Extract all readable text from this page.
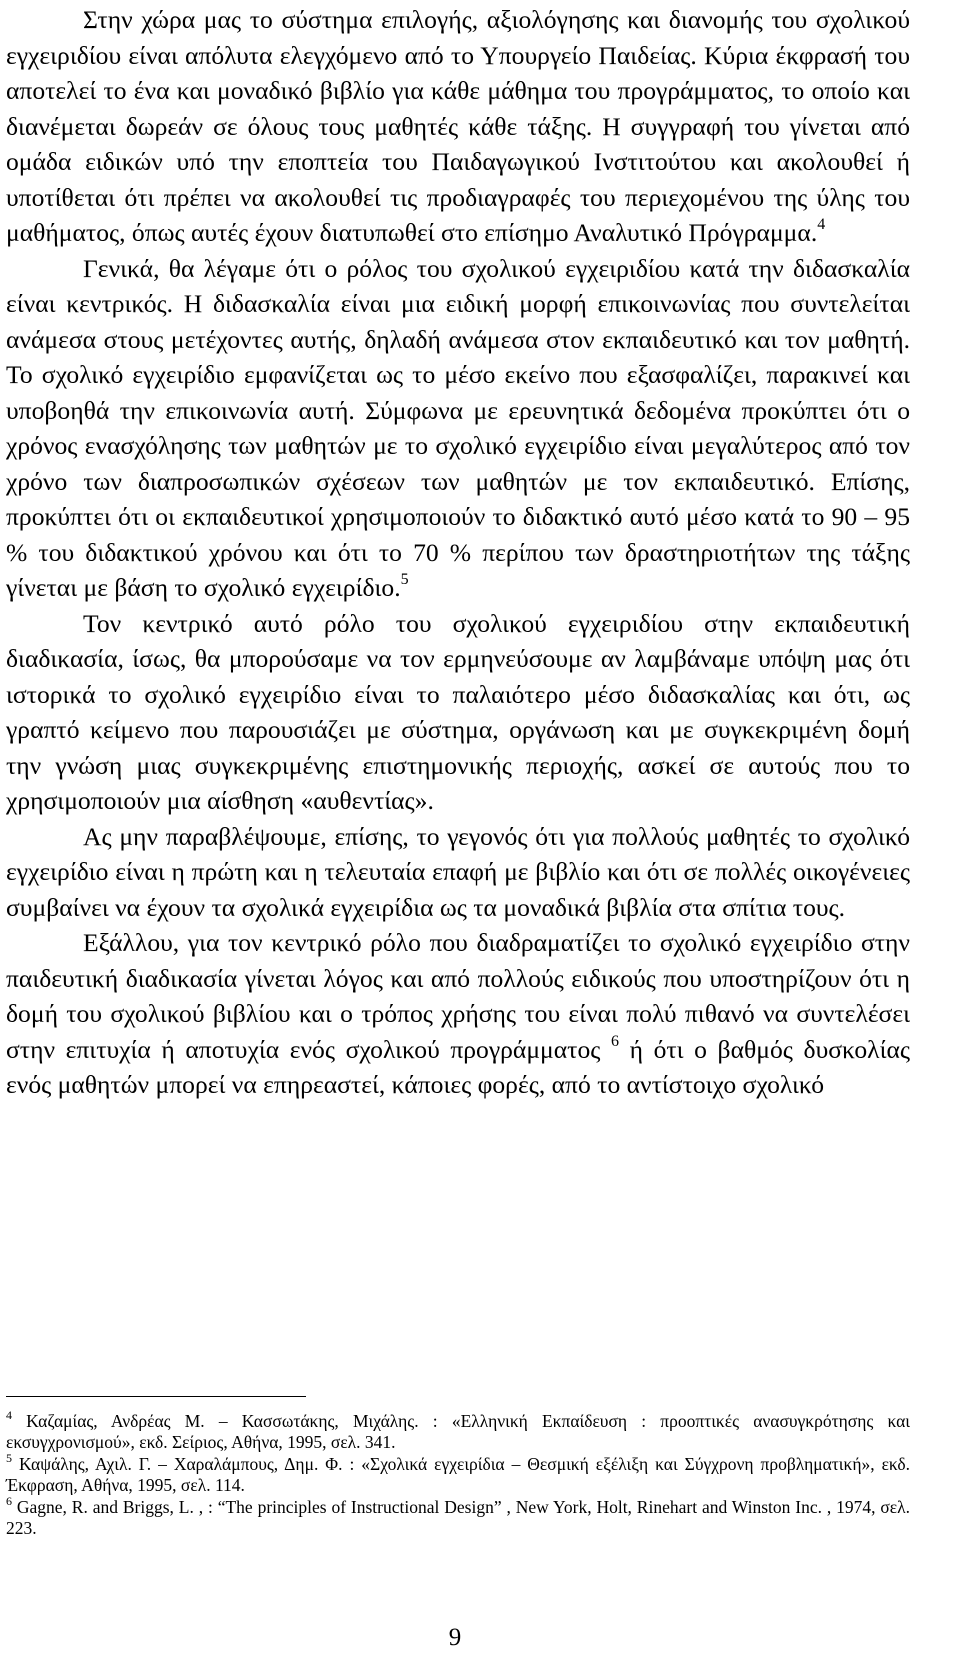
Στην χώρα μας το σύστημα επιλογής, αξιολόγησης και διανομής του σχολικού εγχειριδίου είναι απόλυτα ελεγχόμενο από το Υπουργείο Παιδείας. Κύρια έκφρασή του αποτελεί το ένα και μοναδικό βιβλίο για κάθε μάθημα του προγράμματος, το οποίο και διανέμεται δωρεάν σε όλους τους μαθητές κάθε τάξης. Η συγγραφή του γίνεται από ομάδα ειδικών υπό την εποπτεία του Παιδαγωγικού Ινστιτούτου και ακολουθεί ή υποτίθεται ότι πρέπει να ακολουθεί τις προδιαγραφές του περιεχομένου της ύλης του μαθήματος, όπως αυτές έχουν διατυπωθεί στο επίσημο Αναλυτικό Πρόγραμμα.$^4$

Γενικά, θα λέγαμε ότι ο ρόλος του σχολικού εγχειριδίου κατά την διδασκαλία είναι κεντρικός. Η διδασκαλία είναι μια ειδική μορφή επικοινωνίας που συντελείται ανάμεσα στους μετέχοντες αυτής, δηλαδή ανάμεσα στον εκπαιδευτικό και τον μαθητή. Το σχολικό εγχειρίδιο εμφανίζεται ως το μέσο εκείνο που εξασφαλίζει, παρακινεί και υποβοηθά την επικοινωνία αυτή. Σύμφωνα με ερευνητικά δεδομένα προκύπτει ότι ο χρόνος ενασχόλησης των μαθητών με το σχολικό εγχειρίδιο είναι μεγαλύτερος από τον χρόνο των διαπροσωπικών σχέσεων των μαθητών με τον εκπαιδευτικό. Επίσης, προκύπτει ότι οι εκπαιδευτικοί χρησιμοποιούν το διδακτικό αυτό μέσο κατά το 90 – 95 % του διδακτικού χρόνου και ότι το 70 % περίπου των δραστηριοτήτων της τάξης γίνεται με βάση το σχολικό εγχειρίδιο.$^5$

Τον κεντρικό αυτό ρόλο του σχολικού εγχειριδίου στην εκπαιδευτική διαδικασία, ίσως, θα μπορούσαμε να τον ερμηνεύσουμε αν λαμβάναμε υπόψη μας ότι ιστορικά το σχολικό εγχειρίδιο είναι το παλαιότερο μέσο διδασκαλίας και ότι, ως γραπτό κείμενο που παρουσιάζει με σύστημα, οργάνωση και με συγκεκριμένη δομή την γνώση μιας συγκεκριμένης επιστημονικής περιοχής, ασκεί σε αυτούς που το χρησιμοποιούν μια αίσθηση «αυθεντίας».

Ας μην παραβλέψουμε, επίσης, το γεγονός ότι για πολλούς μαθητές το σχολικό εγχειρίδιο είναι η πρώτη και η τελευταία επαφή με βιβλίο και ότι σε πολλές οικογένειες συμβαίνει να έχουν τα σχολικά εγχειρίδια ως τα μοναδικά βιβλία στα σπίτια τους.

Εξάλλου, για τον κεντρικό ρόλο που διαδραματίζει το σχολικό εγχειρίδιο στην παιδευτική διαδικασία γίνεται λόγος και από πολλούς ειδικούς που υποστηρίζουν ότι η δομή του σχολικού βιβλίου και ο τρόπος χρήσης του είναι πολύ πιθανό να συντελέσει στην επιτυχία ή αποτυχία ενός σχολικού προγράμματος $^6$ ή ότι ο βαθμός δυσκολίας ενός μαθητών μπορεί να επηρεαστεί, κάποιες φορές, από το αντίστοιχο σχολικό

$^4$ Καζαμίας, Ανδρέας Μ. – Κασσωτάκης, Μιχάλης. : «Ελληνική Εκπαίδευση : προοπτικές ανασυγκρότησης και εκσυγχρονισμού», εκδ. Σείριος, Αθήνα, 1995, σελ. 341.

$^5$ Καψάλης, Αχιλ. Γ. – Χαραλάμπους, Δημ. Φ. : «Σχολικά εγχειρίδια – Θεσμική εξέλιξη και Σύγχρονη προβληματική», εκδ. Έκφραση, Αθήνα, 1995, σελ. 114.

$^6$ Gagne, R. and Briggs, L. , : “The principles of Instructional Design” , New York, Holt, Rinehart and Winston Inc. , 1974, σελ. 223.

9
